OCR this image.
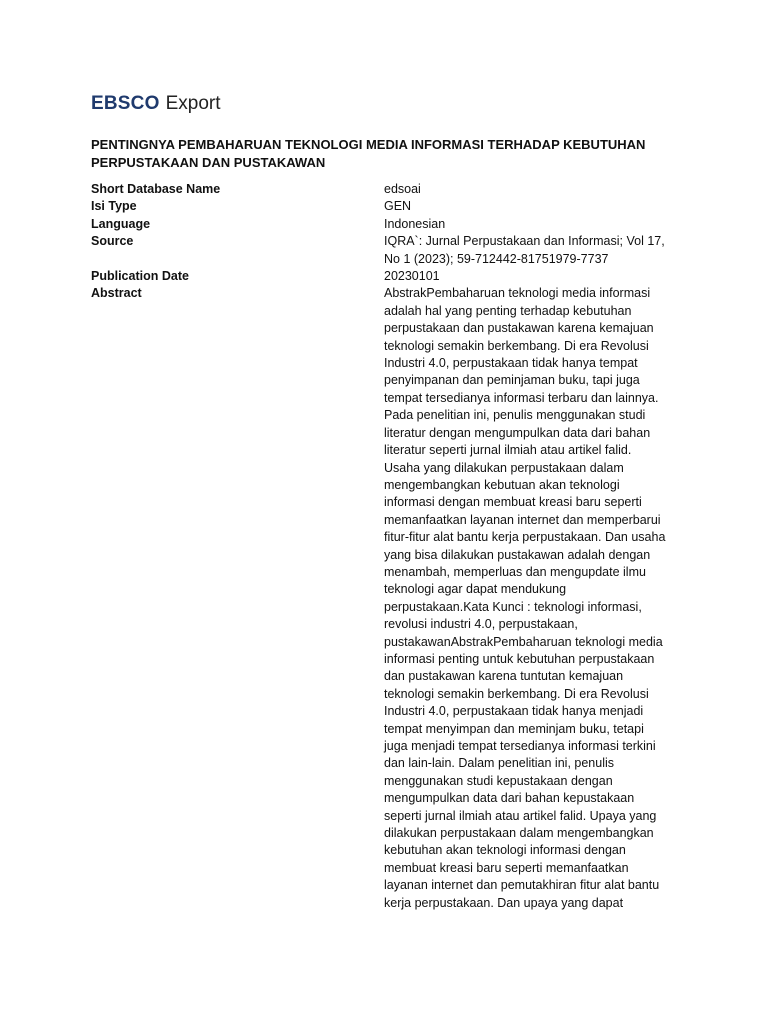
EBSCO Export
PENTINGNYA PEMBAHARUAN TEKNOLOGI MEDIA INFORMASI TERHADAP KEBUTUHAN PERPUSTAKAAN DAN PUSTAKAWAN
Short Database Name	edsoai
Isi Type	GEN
Language	Indonesian
Source	IQRA`: Jurnal Perpustakaan dan Informasi; Vol 17, No 1 (2023); 59-712442-81751979-7737
Publication Date	20230101
Abstract	AbstrakPembaharuan teknologi media informasi adalah hal yang penting terhadap kebutuhan perpustakaan dan pustakawan karena kemajuan teknologi semakin berkembang. Di era Revolusi Industri 4.0, perpustakaan tidak hanya tempat penyimpanan dan peminjaman buku, tapi juga tempat tersedianya informasi terbaru dan lainnya. Pada penelitian ini, penulis menggunakan studi literatur dengan mengumpulkan data dari bahan literatur seperti jurnal ilmiah atau artikel falid. Usaha yang dilakukan perpustakaan dalam mengembangkan kebutuan akan teknologi informasi dengan membuat kreasi baru seperti memanfaatkan layanan internet dan memperbarui fitur-fitur alat bantu kerja perpustakaan. Dan usaha yang bisa dilakukan pustakawan adalah dengan menambah, memperluas dan mengupdate ilmu teknologi agar dapat mendukung perpustakaan.Kata Kunci : teknologi informasi, revolusi industri 4.0, perpustakaan, pustakawanAbstrakPembaharuan teknologi media informasi penting untuk kebutuhan perpustakaan dan pustakawan karena tuntutan kemajuan teknologi semakin berkembang. Di era Revolusi Industri 4.0, perpustakaan tidak hanya menjadi tempat menyimpan dan meminjam buku, tetapi juga menjadi tempat tersedianya informasi terkini dan lain-lain. Dalam penelitian ini, penulis menggunakan studi kepustakaan dengan mengumpulkan data dari bahan kepustakaan seperti jurnal ilmiah atau artikel falid. Upaya yang dilakukan perpustakaan dalam mengembangkan kebutuhan akan teknologi informasi dengan membuat kreasi baru seperti memanfaatkan layanan internet dan pemutakhiran fitur alat bantu kerja perpustakaan. Dan upaya yang dapat
